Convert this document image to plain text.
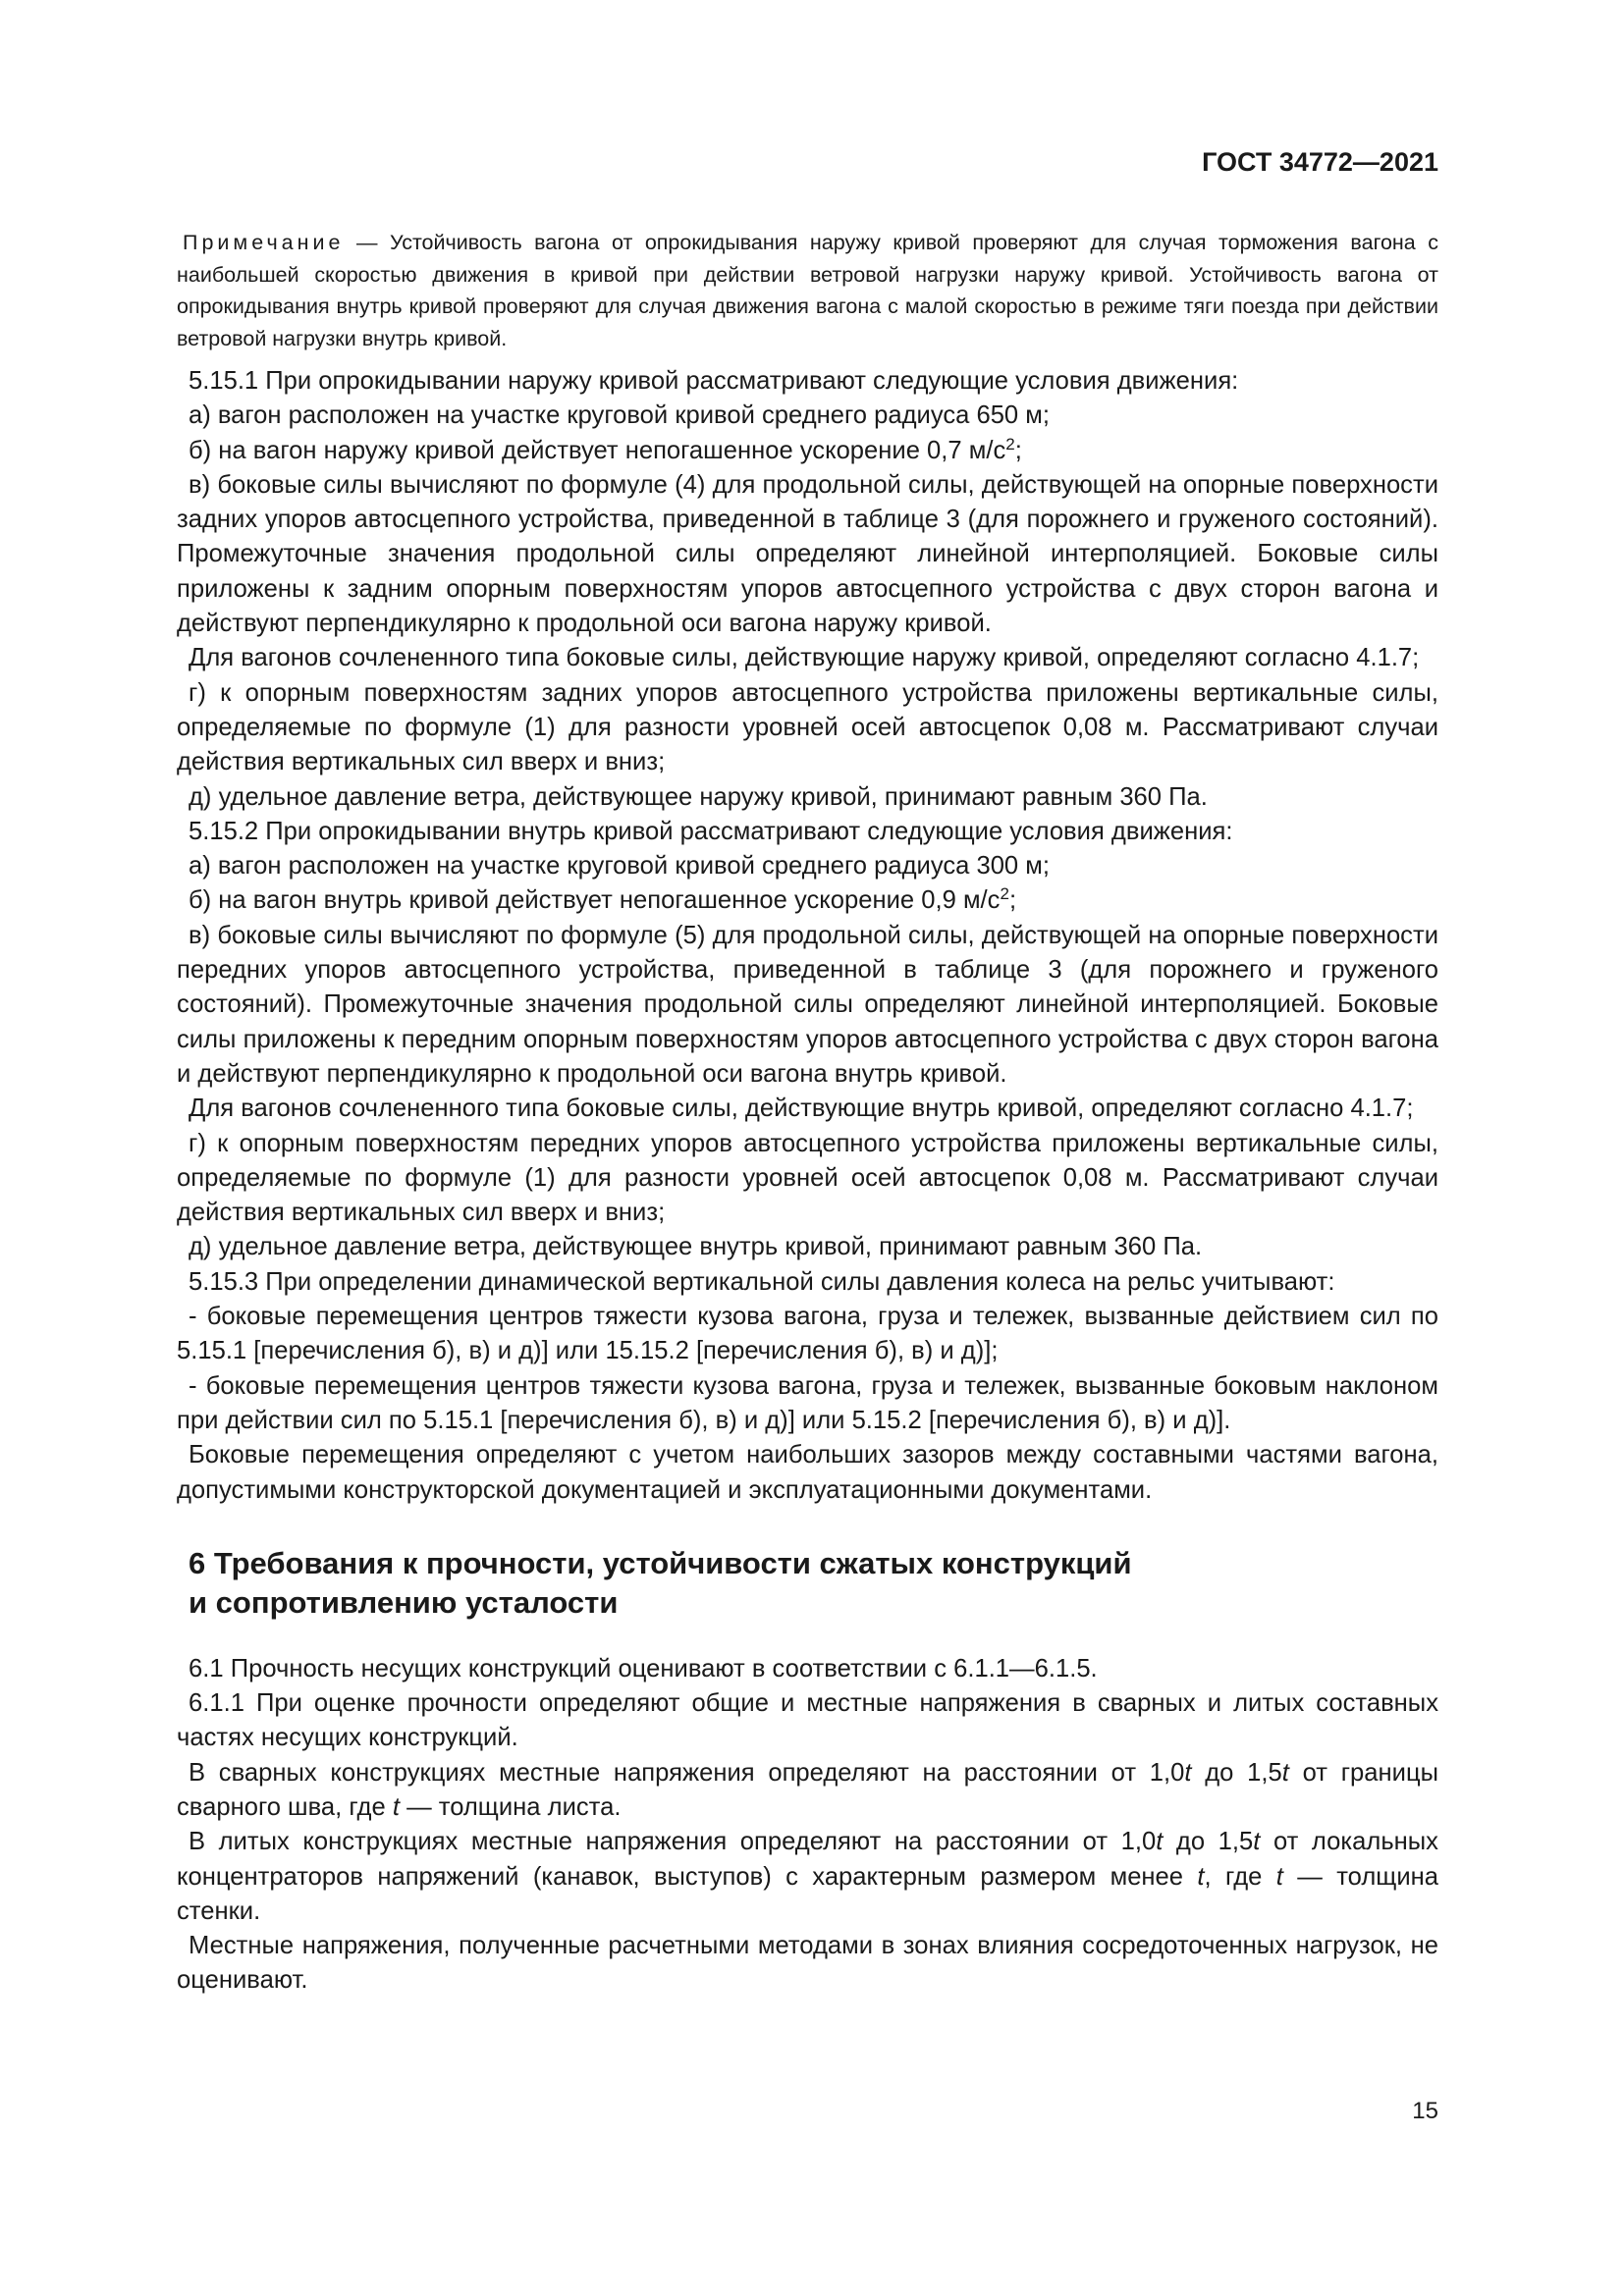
ГОСТ 34772—2021
Примечание — Устойчивость вагона от опрокидывания наружу кривой проверяют для случая торможения вагона с наибольшей скоростью движения в кривой при действии ветровой нагрузки наружу кривой. Устойчивость вагона от опрокидывания внутрь кривой проверяют для случая движения вагона с малой скоростью в режиме тяги поезда при действии ветровой нагрузки внутрь кривой.

5.15.1 При опрокидывании наружу кривой рассматривают следующие условия движения:

а) вагон расположен на участке круговой кривой среднего радиуса 650 м;

б) на вагон наружу кривой действует непогашенное ускорение 0,7 $м/с^2$;

в) боковые силы вычисляют по формуле (4) для продольной силы, действующей на опорные поверхности задних упоров автосцепного устройства, приведенной в таблице 3 (для порожнего и груженого состояний). Промежуточные значения продольной силы определяют линейной интерполяцией. Боковые силы приложены к задним опорным поверхностям упоров автосцепного устройства с двух сторон вагона и действуют перпендикулярно к продольной оси вагона наружу кривой.

Для вагонов сочлененного типа боковые силы, действующие наружу кривой, определяют согласно 4.1.7;

г) к опорным поверхностям задних упоров автосцепного устройства приложены вертикальные силы, определяемые по формуле (1) для разности уровней осей автосцепок 0,08 м. Рассматривают случаи действия вертикальных сил вверх и вниз;

д) удельное давление ветра, действующее наружу кривой, принимают равным 360 Па.

5.15.2 При опрокидывании внутрь кривой рассматривают следующие условия движения:

а) вагон расположен на участке круговой кривой среднего радиуса 300 м;

б) на вагон внутрь кривой действует непогашенное ускорение 0,9 $м/с^2$;

в) боковые силы вычисляют по формуле (5) для продольной силы, действующей на опорные поверхности передних упоров автосцепного устройства, приведенной в таблице 3 (для порожнего и груженого состояний). Промежуточные значения продольной силы определяют линейной интерполяцией. Боковые силы приложены к передним опорным поверхностям упоров автосцепного устройства с двух сторон вагона и действуют перпендикулярно к продольной оси вагона внутрь кривой.

Для вагонов сочлененного типа боковые силы, действующие внутрь кривой, определяют согласно 4.1.7;

г) к опорным поверхностям передних упоров автосцепного устройства приложены вертикальные силы, определяемые по формуле (1) для разности уровней осей автосцепок 0,08 м. Рассматривают случаи действия вертикальных сил вверх и вниз;

д) удельное давление ветра, действующее внутрь кривой, принимают равным 360 Па.

5.15.3 При определении динамической вертикальной силы давления колеса на рельс учитывают:

- боковые перемещения центров тяжести кузова вагона, груза и тележек, вызванные действием сил по 5.15.1 [перечисления б), в) и д)] или 15.15.2 [перечисления б), в) и д)];

- боковые перемещения центров тяжести кузова вагона, груза и тележек, вызванные боковым наклоном при действии сил по 5.15.1 [перечисления б), в) и д)] или 5.15.2 [перечисления б), в) и д)].

Боковые перемещения определяют с учетом наибольших зазоров между составными частями вагона, допустимыми конструкторской документацией и эксплуатационными документами.

6 Требования к прочности, устойчивости сжатых конструкций
и сопротивлению усталости

6.1 Прочность несущих конструкций оценивают в соответствии с 6.1.1—6.1.5.

6.1.1 При оценке прочности определяют общие и местные напряжения в сварных и литых составных частях несущих конструкций.

В сварных конструкциях местные напряжения определяют на расстоянии от 1,0t до 1,5t от границы сварного шва, где t — толщина листа.

В литых конструкциях местные напряжения определяют на расстоянии от 1,0t до 1,5t от локальных концентраторов напряжений (канавок, выступов) с характерным размером менее t, где t — толщина стенки.

Местные напряжения, полученные расчетными методами в зонах влияния сосредоточенных нагрузок, не оценивают.

15
